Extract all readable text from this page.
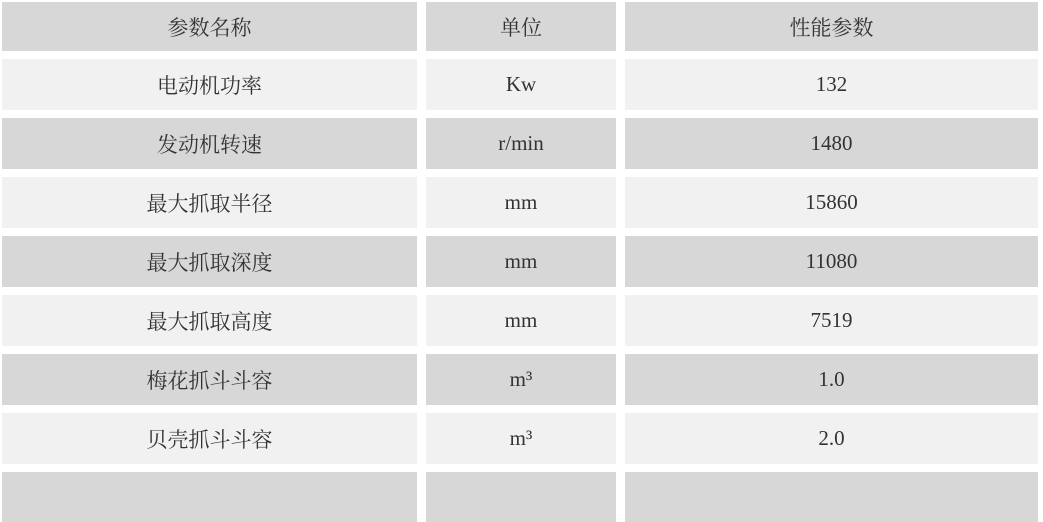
参数名称	单位	性能参数
电动机功率	Kw	132
发动机转速	r/min	1480
最大抓取半径	mm	15860
最大抓取深度	mm	11080
最大抓取高度	mm	7519
梅花抓斗斗容	m³	1.0
贝壳抓斗斗容	m³	2.0
